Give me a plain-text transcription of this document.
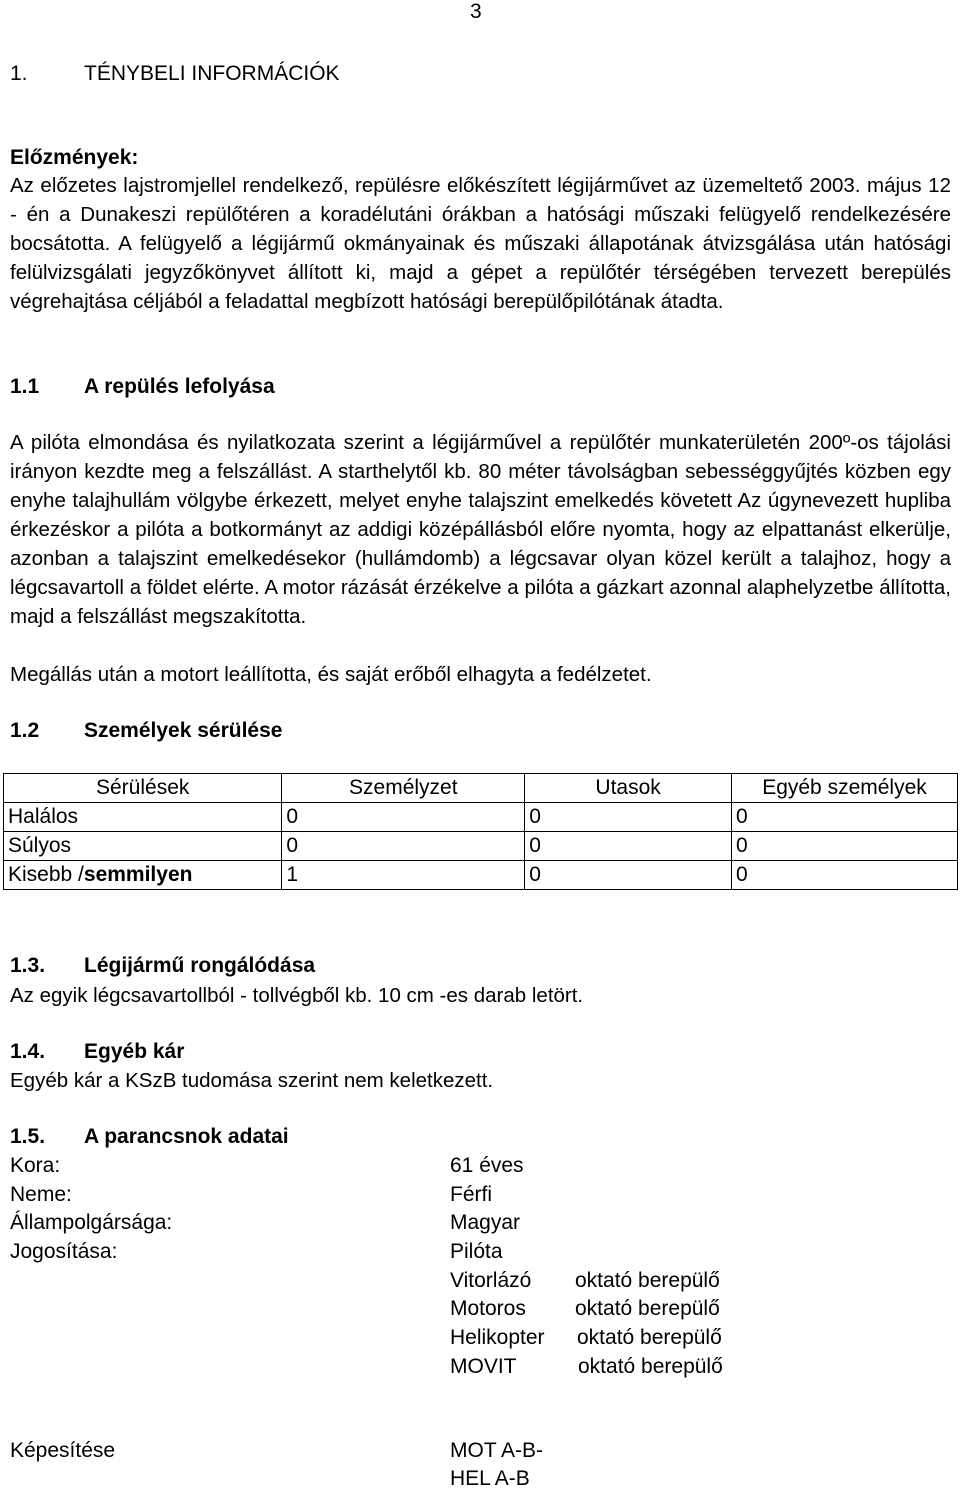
3
1.	TÉNYBELI INFORMÁCIÓK
Előzmények:
Az előzetes lajstromjellel rendelkező, repülésre előkészített légijárművet az üzemeltető 2003. május 12 - én a Dunakeszi repülőtéren a koradélutáni órákban a hatósági műszaki felügyelő rendelkezésére bocsátotta. A felügyelő a légijármű okmányainak és műszaki állapotának átvizsgálása után hatósági felülvizsgálati jegyzőkönyvet állított ki, majd a gépet a repülőtér térségében tervezett berepülés végrehajtása céljából a feladattal megbízott hatósági berepülőpilótának átadta.
1.1 A repülés lefolyása
A pilóta elmondása és nyilatkozata szerint a légijárművel a repülőtér munkaterületén 200º-os tájolási irányon kezdte meg a felszállást. A starthelytől kb. 80 méter távolságban sebességgyűjtés közben egy enyhe talajhullám völgybe érkezett, melyet enyhe talajszint emelkedés követett Az úgynevezett hupliba érkezéskor a pilóta a botkormányt az addigi középállásból előre nyomta, hogy az elpattanást elkerülje, azonban a talajszint emelkedésekor (hullámdomb) a légcsavar olyan közel került a talajhoz, hogy a légcsavartoll a földet elérte. A motor rázását érzékelve a pilóta a gázkart azonnal alaphelyzetbe állította, majd a felszállást megszakította.
Megállás után a motort leállította, és saját erőből elhagyta a fedélzetet.
1.2 Személyek sérülése
Sérülések	Személyzet	Utasok	Egyéb személyek
Halálos	0	0	0
Súlyos	0	0	0
Kisebb /semmilyen	1	0	0
1.3. Légijármű rongálódása
Az egyik légcsavartollból - tollvégből kb. 10 cm -es darab letört.
1.4. Egyéb kár
Egyéb kár a KSzB tudomása szerint nem keletkezett.
1.5. A parancsnok adatai
Kora:	61 éves
Neme:	Férfi
Állampolgársága:	Magyar
Jogosítása:	Pilóta
Vitorlázó oktató berepülő
Motoros oktató berepülő
Helikopter oktató berepülő
MOVIT	oktató berepülő
Képesítése	MOT A-B-
HEL A-B
